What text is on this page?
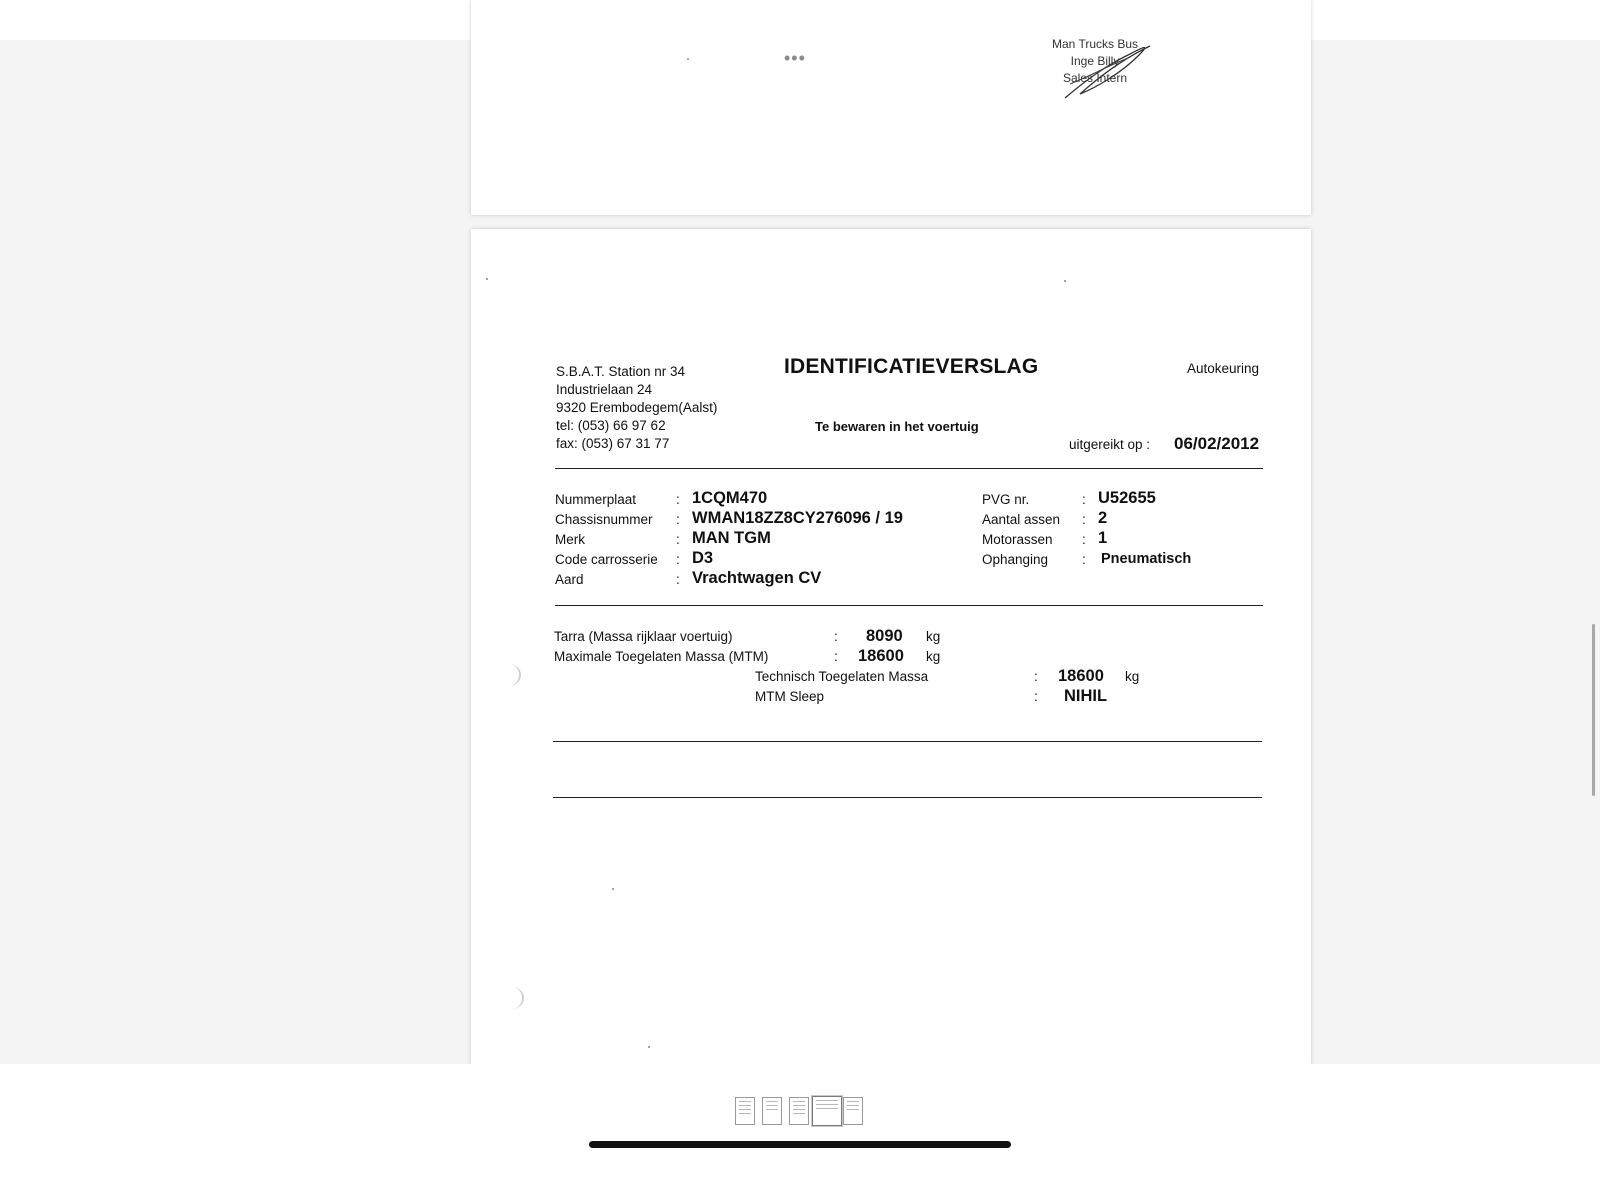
•••
Man Trucks Bus
Inge Billy
Sales Intern
S.B.A.T. Station nr 34
Industrielaan 24
9320 Erembodegem(Aalst)
tel: (053) 66 97 62
fax: (053) 67 31 77
IDENTIFICATIEVERSLAG
Te bewaren in het voertuig
Autokeuring
uitgereikt op : 06/02/2012
Nummerplaat	: 1CQM470
Chassisnummer : WMAN18ZZ8CY276096 / 19
Merk	: MAN TGM
Code carrosserie : D3
Aard	: Vrachtwagen CV
PVG nr.	: U52655
Aantal assen : 2
Motorassen : 1
Ophanging	: Pneumatisch
Tarra (Massa rijklaar voertuig)	: 8090 kg
Maximale Toegelaten Massa (MTM)	: 18600 kg
Technisch Toegelaten Massa	: 18600 kg
MTM Sleep	: NIHIL
